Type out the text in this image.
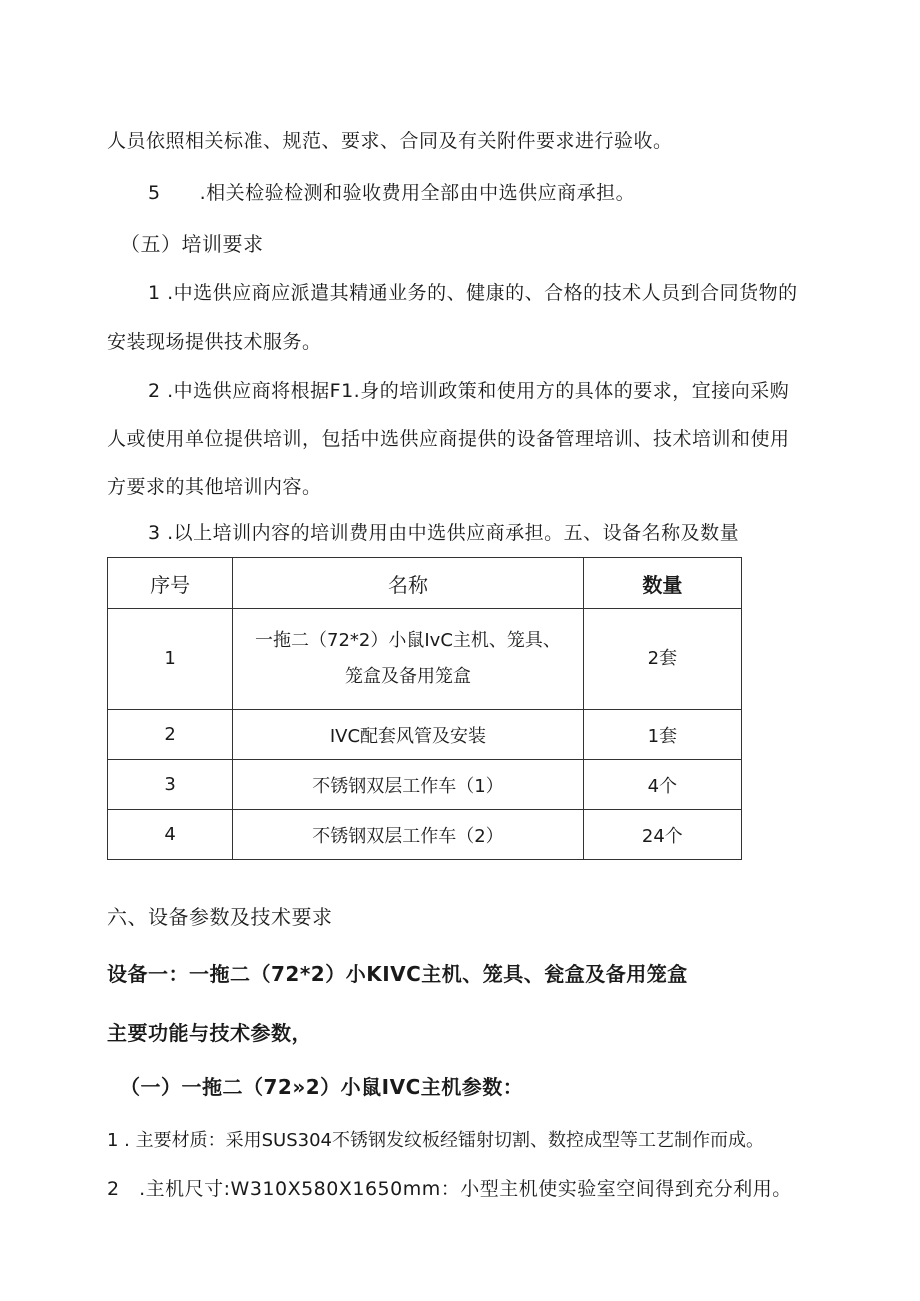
人员依照相关标准、规范、要求、合同及有关附件要求进行验收。
5　　.相关检验检测和验收费用全部由中选供应商承担。
（五）培训要求
1 .中选供应商应派遣其精通业务的、健康的、合格的技术人员到合同货物的
安装现场提供技术服务。
2 .中选供应商将根据F1.身的培训政策和使用方的具体的要求，宜接向采购
人或使用单位提供培训，包括中选供应商提供的设备管理培训、技术培训和使用
方要求的其他培训内容。
3 .以上培训内容的培训费用由中选供应商承担。五、设备名称及数量
序号	名称	数量
1	一拖二（72*2）小鼠IvC主机、笼具、
笼盒及备用笼盒	2套
2	IVC配套风管及安装	1套
3	不锈钢双层工作车（1）	4个
4	不锈钢双层工作车（2）	24个
六、设备参数及技术要求
设备一：一拖二（72*2）小KIVC主机、笼具、瓮盒及备用笼盒
主要功能与技术参数，
（一）一拖二（72»2）小鼠IVC主机参数：
1 . 主要材质：采用SUS304不锈钢发纹板经镭射切割、数控成型等工艺制作而成。
2　.主机尺寸:W310X580X1650mm：小型主机使实验室空间得到充分利用。
